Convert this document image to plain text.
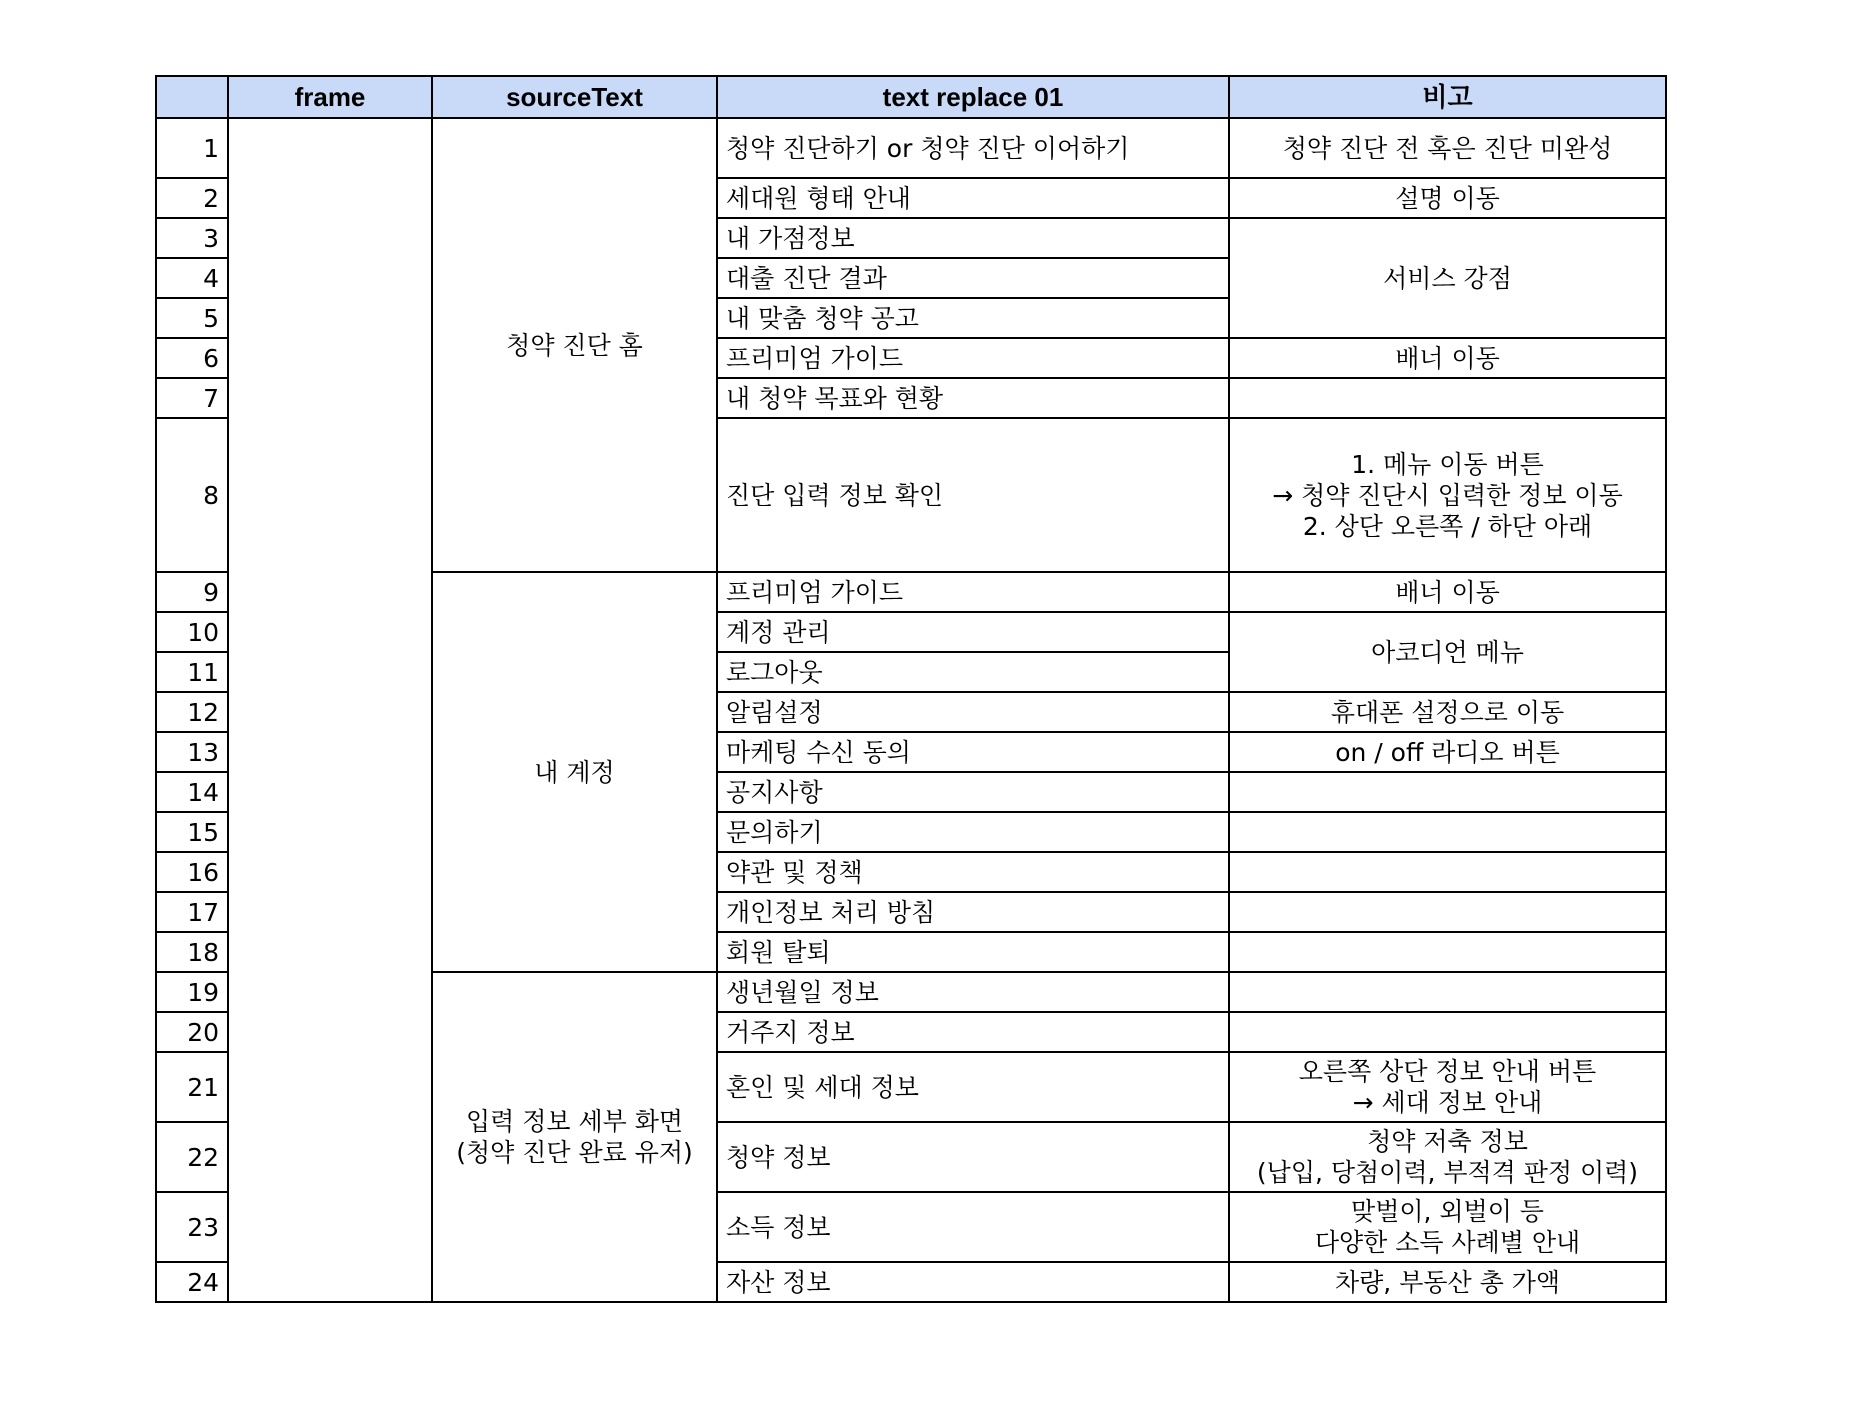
	frame	sourceText	text replace 01	비고
1		청약 진단 홈	청약 진단하기 or 청약 진단 이어하기	청약 진단 전 혹은 진단 미완성
2			세대원 형태 안내	설명 이동
3			내 가점정보	서비스 강점
4			대출 진단 결과	
5			내 맞춤 청약 공고	
6			프리미엄 가이드	배너 이동
7			내 청약 목표와 현황	
8			진단 입력 정보 확인	1. 메뉴 이동 버튼
→ 청약 진단시 입력한 정보 이동
2. 상단 오른쪽 / 하단 아래

9		내 계정	프리미엄 가이드	배너 이동
10			계정 관리	아코디언 메뉴
11			로그아웃	
12			알림설정	휴대폰 설정으로 이동
13			마케팅 수신 동의	on / off 라디오 버튼
14			공지사항	
15			문의하기	
16			약관 및 정책	
17			개인정보 처리 방침	
18			회원 탈퇴	
19		입력 정보 세부 화면
(청약 진단 완료 유저)	생년월일 정보	
20			거주지 정보	
21			혼인 및 세대 정보	오른쪽 상단 정보 안내 버튼
→ 세대 정보 안내

22			청약 정보	청약 저축 정보
(납입, 당첨이력, 부적격 판정 이력)

23			소득 정보	맞벌이, 외벌이 등
다양한 소득 사례별 안내

24			자산 정보	차량, 부동산 총 가액
